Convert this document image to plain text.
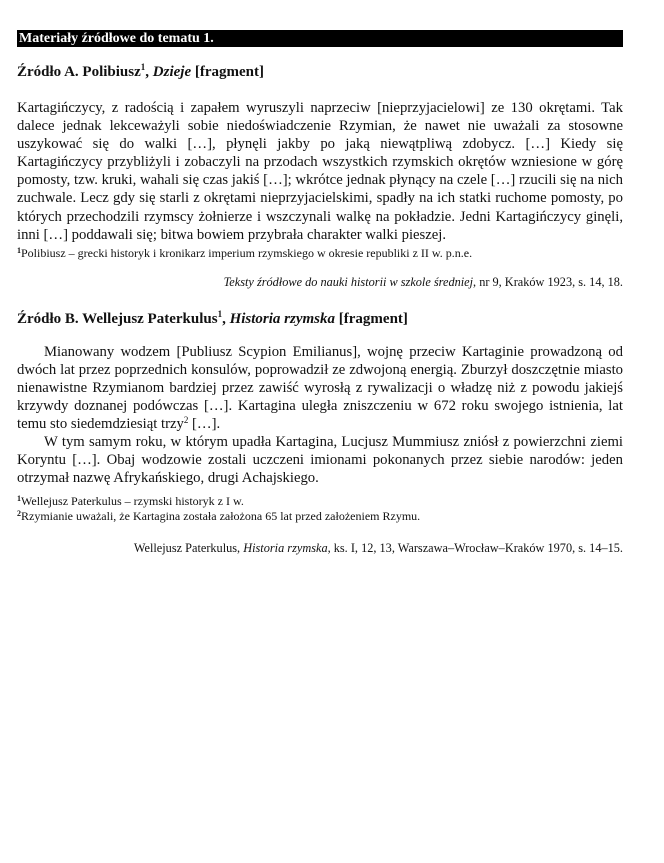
Materiały źródłowe do tematu 1.
Źródło A. Polibiusz$^1$, Dzieje [fragment]

Kartagińczycy, z radością i zapałem wyruszyli naprzeciw [nieprzyjacielowi] ze 130 okrętami. Tak dalece jednak lekceważyli sobie niedoświadczenie Rzymian, że nawet nie uważali za stosowne uszykować się do walki […], płynęli jakby po jaką niewątpliwą zdobycz. […] Kiedy się Kartagińczycy przybliżyli i zobaczyli na przodach wszystkich rzymskich okrętów wzniesione w górę pomosty, tzw. kruki, wahali się czas jakiś […]; wkrótce jednak płynący na czele […] rzucili się na nich zuchwale. Lecz gdy się starli z okrętami nieprzyjacielskimi, spadły na ich statki ruchome pomosty, po których przechodzili rzymscy żołnierze i wszczynali walkę na pokładzie. Jedni Kartagińczycy ginęli, inni […] poddawali się; bitwa bowiem przybrała charakter walki pieszej.

$^1$Polibiusz – grecki historyk i kronikarz imperium rzymskiego w okresie republiki z II w. p.n.e.

Teksty źródłowe do nauki historii w szkole średniej, nr 9, Kraków 1923, s. 14, 18.

Źródło B. Wellejusz Paterkulus$^1$, Historia rzymska [fragment]

Mianowany wodzem [Publiusz Scypion Emilianus], wojnę przeciw Kartaginie prowadzoną od dwóch lat przez poprzednich konsulów, poprowadził ze zdwojoną energią. Zburzył doszczętnie miasto nienawistne Rzymianom bardziej przez zawiść wyrosłą z rywalizacji o władzę niż z powodu jakiejś krzywdy doznanej podówczas […]. Kartagina uległa zniszczeniu w 672 roku swojego istnienia, lat temu sto siedemdziesiąt trzy$^2$ […].

W tym samym roku, w którym upadła Kartagina, Lucjusz Mummiusz zniósł z powierzchni ziemi Koryntu […]. Obaj wodzowie zostali uczczeni imionami pokonanych przez siebie narodów: jeden otrzymał nazwę Afrykańskiego, drugi Achajskiego.

$^1$Wellejusz Paterkulus – rzymski historyk z I w.

$^2$Rzymianie uważali, że Kartagina została założona 65 lat przed założeniem Rzymu.

Wellejusz Paterkulus, Historia rzymska, ks. I, 12, 13, Warszawa–Wrocław–Kraków 1970, s. 14–15.
